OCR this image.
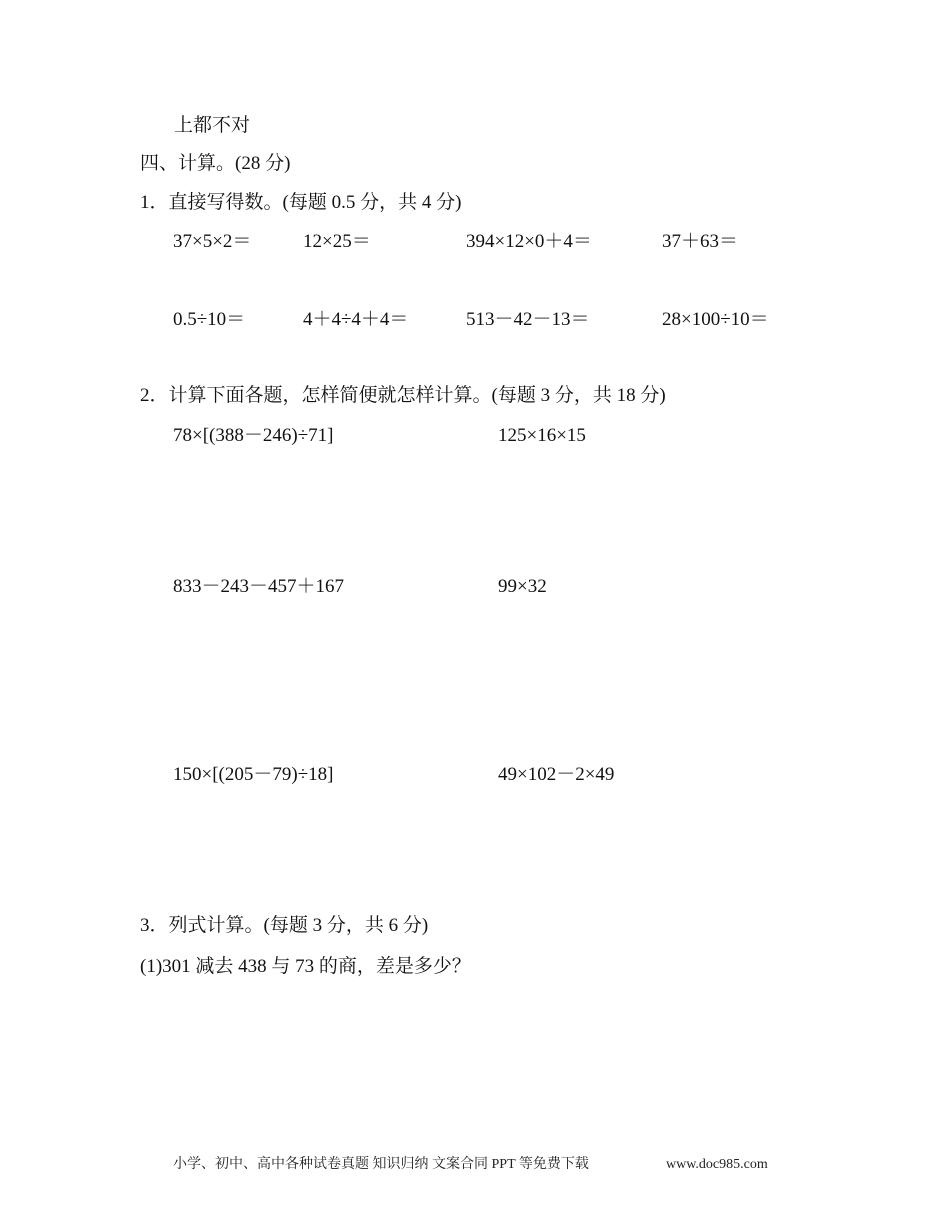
上都不对
四、计算。(28 分)
1．直接写得数。(每题 0.5 分，共 4 分)
37×5×2＝	12×25＝	394×12×0＋4＝	37＋63＝
0.5÷10＝	4＋4÷4＋4＝	513－42－13＝	28×100÷10＝
2．计算下面各题，怎样简便就怎样计算。(每题 3 分，共 18 分)
78×[(388－246)÷71]	125×16×15
833－243－457＋167	99×32
150×[(205－79)÷18]	49×102－2×49
3．列式计算。(每题 3 分，共 6 分)
(1)301 减去 438 与 73 的商，差是多少？
小学、初中、高中各种试卷真题 知识归纳 文案合同 PPT 等免费下载	www.doc985.com
